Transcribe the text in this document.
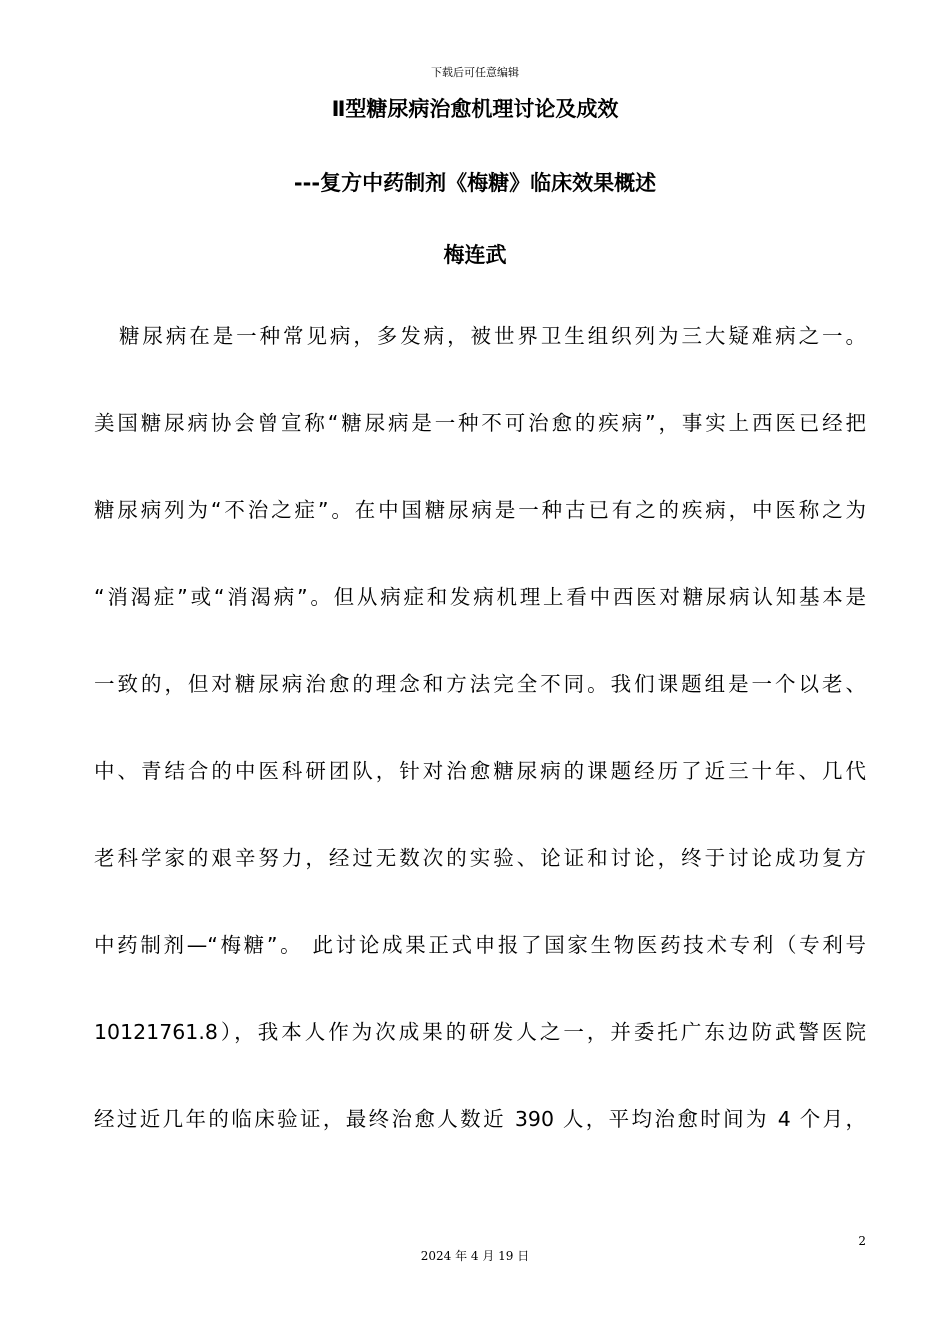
下载后可任意编辑
Ⅱ型糖尿病治愈机理讨论及成效
---复方中药制剂《梅糖》临床效果概述
梅连武
糖尿病在是一种常见病，多发病，被世界卫生组织列为三大疑难病之一。
美国糖尿病协会曾宣称“糖尿病是一种不可治愈的疾病”，事实上西医已经把
糖尿病列为“不治之症”。在中国糖尿病是一种古已有之的疾病，中医称之为
“消渴症”或“消渴病”。但从病症和发病机理上看中西医对糖尿病认知基本是
一致的，但对糖尿病治愈的理念和方法完全不同。我们课题组是一个以老、
中、青结合的中医科研团队，针对治愈糖尿病的课题经历了近三十年、几代
老科学家的艰辛努力，经过无数次的实验、论证和讨论，终于讨论成功复方
中药制剂—“梅糖”。 此讨论成果正式申报了国家生物医药技术专利（专利号
10121761.8），我本人作为次成果的研发人之一，并委托广东边防武警医院
经过近几年的临床验证，最终治愈人数近 390 人，平均治愈时间为 4 个月，
2
2024 年 4 月 19 日
